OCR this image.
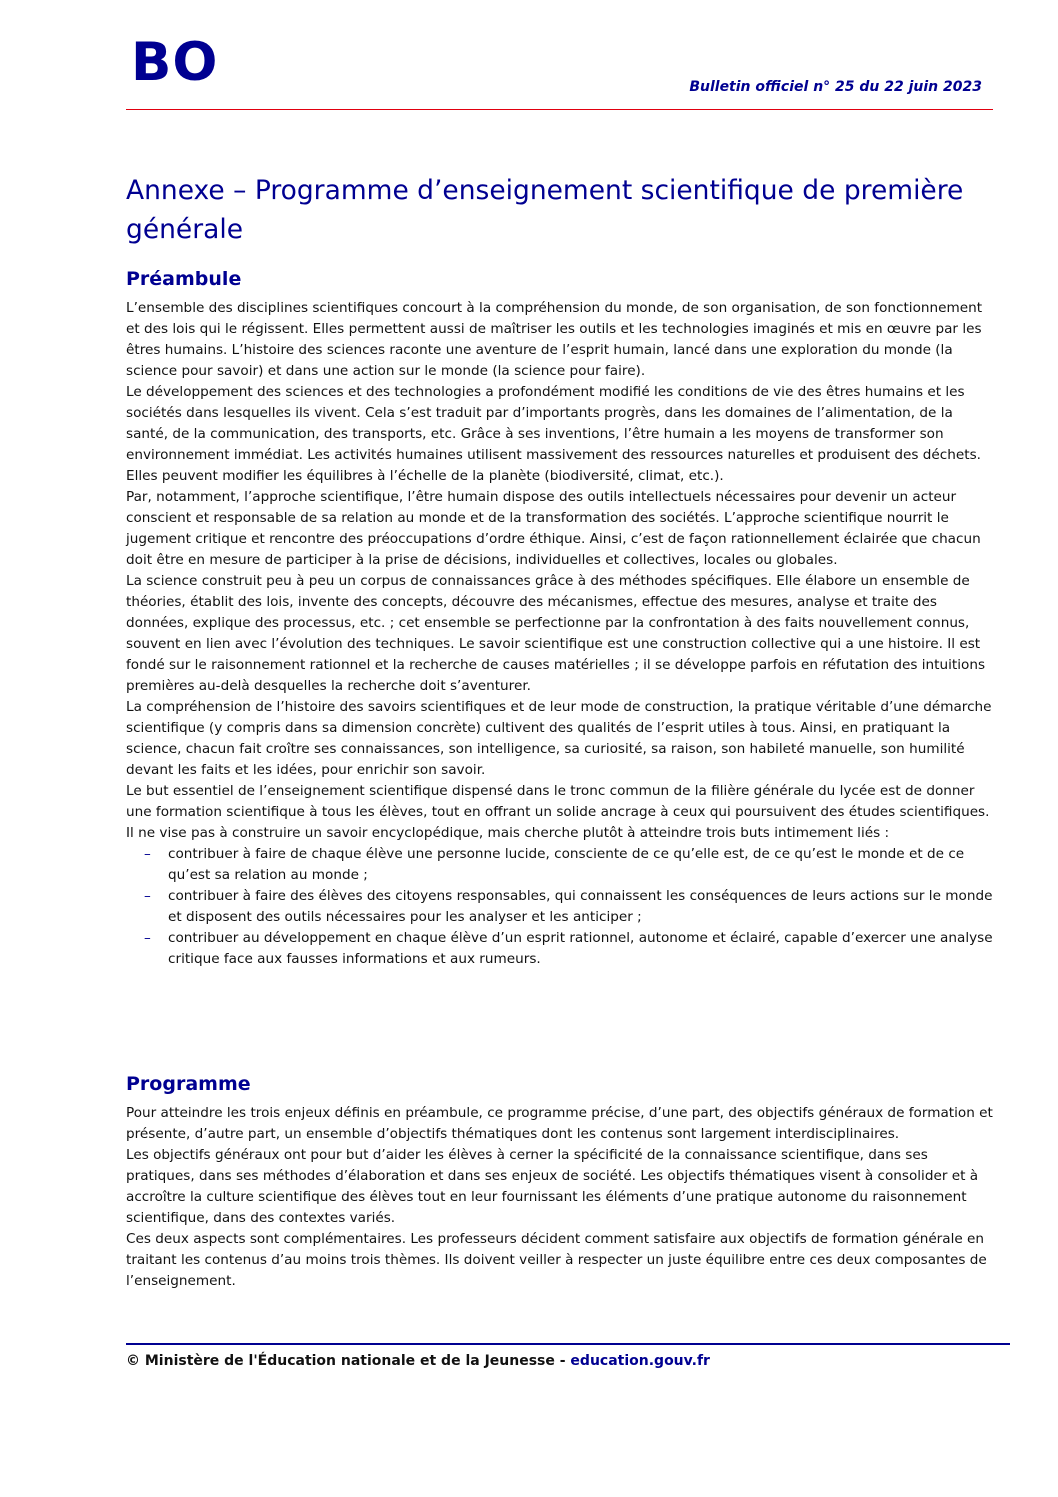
BO	Bulletin officiel n° 25 du 22 juin 2023
Annexe – Programme d’enseignement scientifique de première générale
Préambule

L’ensemble des disciplines scientifiques concourt à la compréhension du monde, de son organisation, de son fonctionnement et des lois qui le régissent. Elles permettent aussi de maîtriser les outils et les technologies imaginés et mis en œuvre par les êtres humains. L’histoire des sciences raconte une aventure de l’esprit humain, lancé dans une exploration du monde (la science pour savoir) et dans une action sur le monde (la science pour faire).

Le développement des sciences et des technologies a profondément modifié les conditions de vie des êtres humains et les sociétés dans lesquelles ils vivent. Cela s’est traduit par d’importants progrès, dans les domaines de l’alimentation, de la santé, de la communication, des transports, etc. Grâce à ses inventions, l’être humain a les moyens de transformer son environnement immédiat. Les activités humaines utilisent massivement des ressources naturelles et produisent des déchets. Elles peuvent modifier les équilibres à l’échelle de la planète (biodiversité, climat, etc.).

Par, notamment, l’approche scientifique, l’être humain dispose des outils intellectuels nécessaires pour devenir un acteur conscient et responsable de sa relation au monde et de la transformation des sociétés. L’approche scientifique nourrit le jugement critique et rencontre des préoccupations d’ordre éthique. Ainsi, c’est de façon rationnellement éclairée que chacun doit être en mesure de participer à la prise de décisions, individuelles et collectives, locales ou globales.

La science construit peu à peu un corpus de connaissances grâce à des méthodes spécifiques. Elle élabore un ensemble de théories, établit des lois, invente des concepts, découvre des mécanismes, effectue des mesures, analyse et traite des données, explique des processus, etc. ; cet ensemble se perfectionne par la confrontation à des faits nouvellement connus, souvent en lien avec l’évolution des techniques. Le savoir scientifique est une construction collective qui a une histoire. Il est fondé sur le raisonnement rationnel et la recherche de causes matérielles ; il se développe parfois en réfutation des intuitions premières au-delà desquelles la recherche doit s’aventurer.

La compréhension de l’histoire des savoirs scientifiques et de leur mode de construction, la pratique véritable d’une démarche scientifique (y compris dans sa dimension concrète) cultivent des qualités de l’esprit utiles à tous. Ainsi, en pratiquant la science, chacun fait croître ses connaissances, son intelligence, sa curiosité, sa raison, son habileté manuelle, son humilité devant les faits et les idées, pour enrichir son savoir.

Le but essentiel de l’enseignement scientifique dispensé dans le tronc commun de la filière générale du lycée est de donner une formation scientifique à tous les élèves, tout en offrant un solide ancrage à ceux qui poursuivent des études scientifiques. Il ne vise pas à construire un savoir encyclopédique, mais cherche plutôt à atteindre trois buts intimement liés :

– contribuer à faire de chaque élève une personne lucide, consciente de ce qu’elle est, de ce qu’est le monde et de ce qu’est sa relation au monde ;
– contribuer à faire des élèves des citoyens responsables, qui connaissent les conséquences de leurs actions sur le monde et disposent des outils nécessaires pour les analyser et les anticiper ;
– contribuer au développement en chaque élève d’un esprit rationnel, autonome et éclairé, capable d’exercer une analyse critique face aux fausses informations et aux rumeurs.
Programme

Pour atteindre les trois enjeux définis en préambule, ce programme précise, d’une part, des objectifs généraux de formation et présente, d’autre part, un ensemble d’objectifs thématiques dont les contenus sont largement interdisciplinaires.

Les objectifs généraux ont pour but d’aider les élèves à cerner la spécificité de la connaissance scientifique, dans ses pratiques, dans ses méthodes d’élaboration et dans ses enjeux de société. Les objectifs thématiques visent à consolider et à accroître la culture scientifique des élèves tout en leur fournissant les éléments d’une pratique autonome du raisonnement scientifique, dans des contextes variés.

Ces deux aspects sont complémentaires. Les professeurs décident comment satisfaire aux objectifs de formation générale en traitant les contenus d’au moins trois thèmes. Ils doivent veiller à respecter un juste équilibre entre ces deux composantes de l’enseignement.

© Ministère de l'Éducation nationale et de la Jeunesse - education.gouv.fr
